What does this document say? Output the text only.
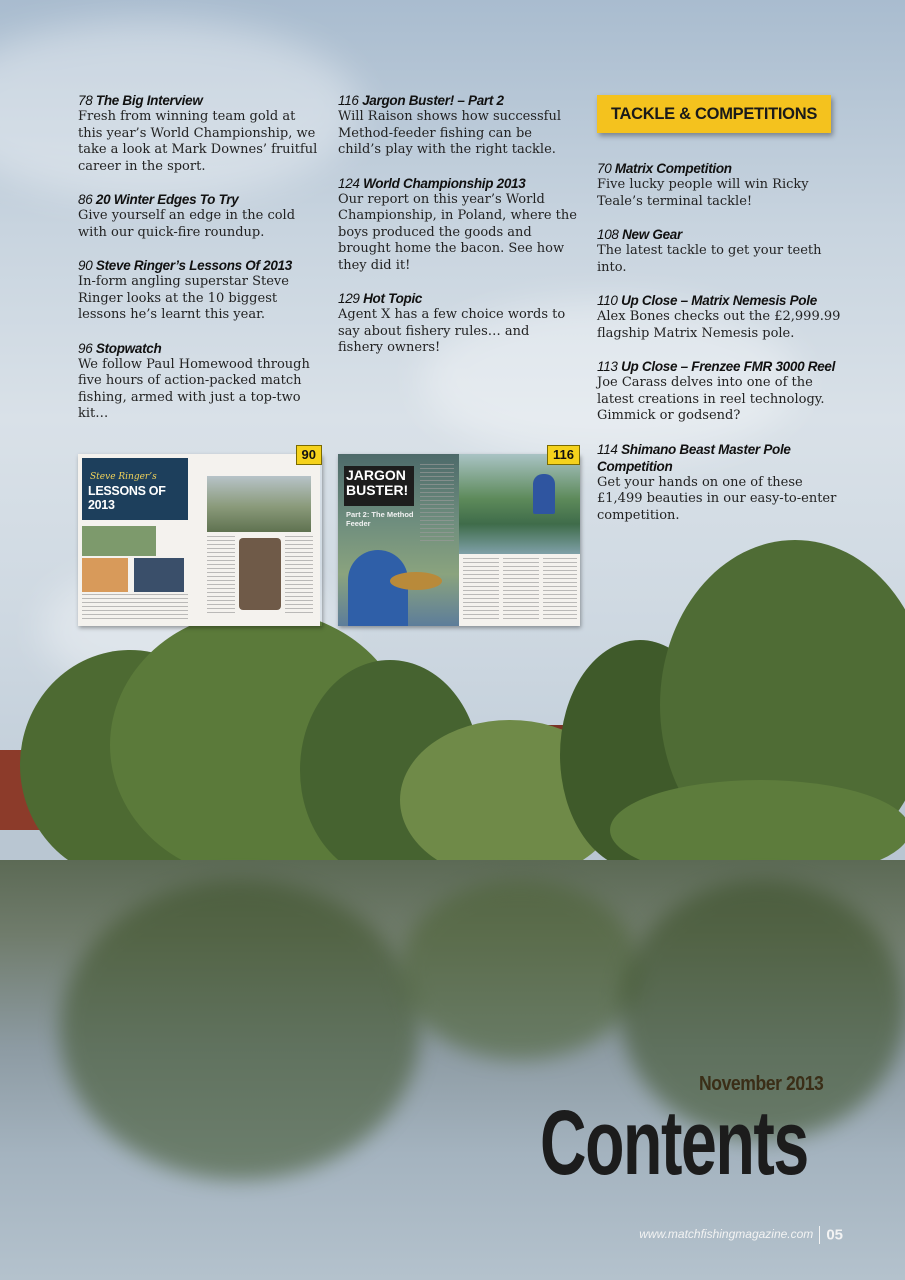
78 The Big Interview
Fresh from winning team gold at this year’s World Championship, we take a look at Mark Downes’ fruitful career in the sport.
86 20 Winter Edges To Try
Give yourself an edge in the cold with our quick-fire roundup.
90 Steve Ringer’s Lessons Of 2013
In-form angling superstar Steve Ringer looks at the 10 biggest lessons he’s learnt this year.
96 Stopwatch
We follow Paul Homewood through five hours of action-packed match fishing, armed with just a top-two kit…
116 Jargon Buster! – Part 2
Will Raison shows how successful Method-feeder fishing can be child’s play with the right tackle.
124 World Championship 2013
Our report on this year’s World Championship, in Poland, where the boys produced the goods and brought home the bacon. See how they did it!
129 Hot Topic
Agent X has a few choice words to say about fishery rules… and fishery owners!
TACKLE & COMPETITIONS
70 Matrix Competition
Five lucky people will win Ricky Teale’s terminal tackle!
108 New Gear
The latest tackle to get your teeth into.
110 Up Close – Matrix Nemesis Pole
Alex Bones checks out the £2,999.99 flagship Matrix Nemesis pole.
113 Up Close – Frenzee FMR 3000 Reel
Joe Carass delves into one of the latest creations in reel technology. Gimmick or godsend?
114 Shimano Beast Master Pole Competition
Get your hands on one of these £1,499 beauties in our easy-to-enter competition.
Steve Ringer’s
LESSONS OF 2013
90
JARGON BUSTER!
Part 2: The Method Feeder
116
November 2013
Contents
www.matchfishingmagazine.com 05
